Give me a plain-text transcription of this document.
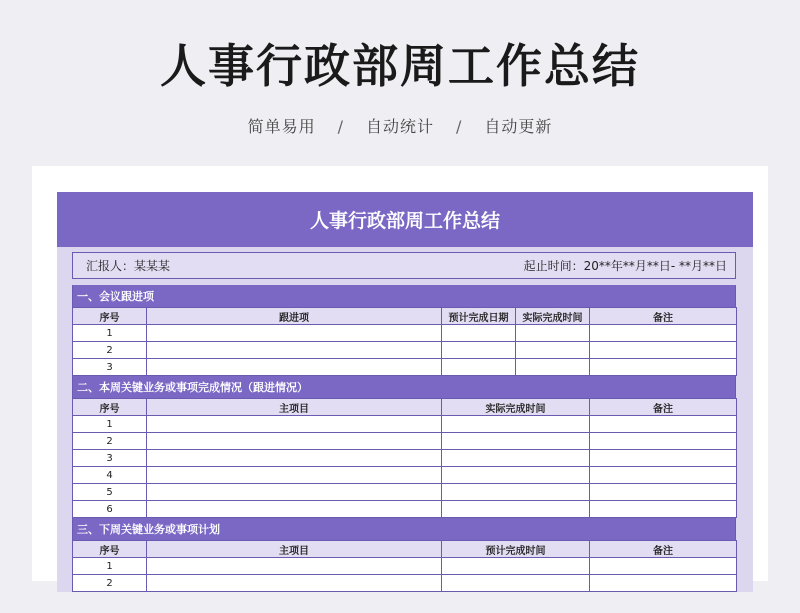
人事行政部周工作总结
简单易用 / 自动统计 / 自动更新
人事行政部周工作总结
汇报人：某某某	起止时间：20**年**月**日- **月**日
一、会议跟进项
序号	跟进项	预计完成日期	实际完成时间	备注
1				
2				
3				
二、本周关键业务或事项完成情况（跟进情况）
序号	主项目	实际完成时间	备注
1			
2			
3			
4			
5			
6			
三、下周关键业务或事项计划
序号	主项目	预计完成时间	备注
1			
2			
